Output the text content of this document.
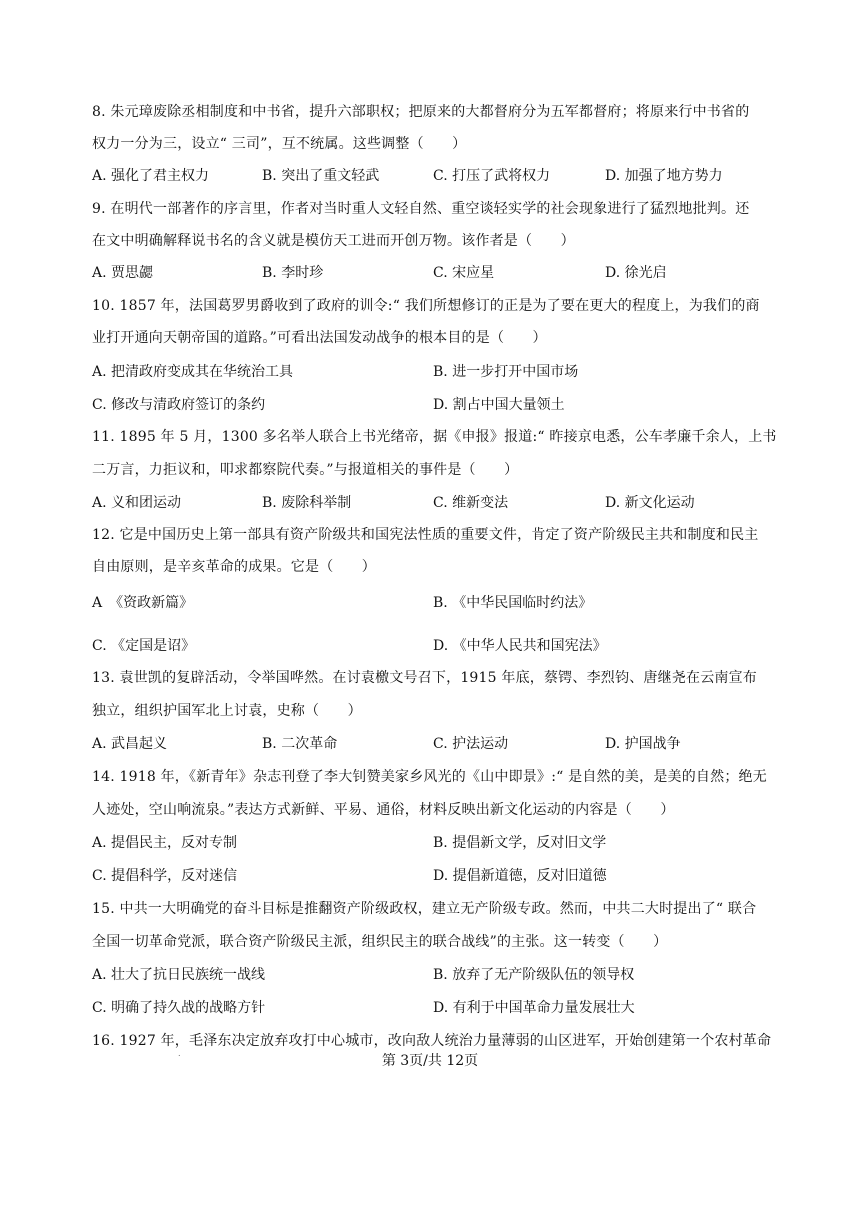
8. 朱元璋废除丞相制度和中书省，提升六部职权；把原来的大都督府分为五军都督府；将原来行中书省的
权力一分为三，设立“ 三司”，互不统属。这些调整（　　）
A. 强化了君主权力	B. 突出了重文轻武	C. 打压了武将权力	D. 加强了地方势力
9. 在明代一部著作的序言里，作者对当时重人文轻自然、重空谈轻实学的社会现象进行了猛烈地批判。还
在文中明确解释说书名的含义就是模仿天工进而开创万物。该作者是（　　）
A. 贾思勰	B. 李时珍	C. 宋应星	D. 徐光启
10. 1857 年，法国葛罗男爵收到了政府的训令:“ 我们所想修订的正是为了要在更大的程度上，为我们的商
业打开通向天朝帝国的道路。”可看出法国发动战争的根本目的是（　　）
A. 把清政府变成其在华统治工具	B. 进一步打开中国市场
C. 修改与清政府签订的条约	D. 割占中国大量领土
11. 1895 年 5 月，1300 多名举人联合上书光绪帝，据《申报》报道:“ 昨接京电悉，公车孝廉千余人，上书
二万言，力拒议和，叩求都察院代奏。”与报道相关的事件是（　　）
A. 义和团运动	B. 废除科举制	C. 维新变法	D. 新文化运动
12. 它是中国历史上第一部具有资产阶级共和国宪法性质的重要文件，肯定了资产阶级民主共和制度和民主
自由原则，是辛亥革命的成果。它是（　　）
A　《资政新篇》	B. 《中华民国临时约法》
C. 《定国是诏》	D. 《中华人民共和国宪法》
13. 袁世凯的复辟活动，令举国哗然。在讨袁檄文号召下，1915 年底，蔡锷、李烈钧、唐继尧在云南宣布
独立，组织护国军北上讨袁，史称（　　）
A. 武昌起义	B. 二次革命	C. 护法运动	D. 护国战争
14. 1918 年，《新青年》杂志刊登了李大钊赞美家乡风光的《山中即景》:“ 是自然的美，是美的自然；绝无
人迹处，空山响流泉。”表达方式新鲜、平易、通俗，材料反映出新文化运动的内容是（　　）
A. 提倡民主，反对专制	B. 提倡新文学，反对旧文学
C. 提倡科学，反对迷信	D. 提倡新道德，反对旧道德
15. 中共一大明确党的奋斗目标是推翻资产阶级政权，建立无产阶级专政。然而，中共二大时提出了“ 联合
全国一切革命党派，联合资产阶级民主派，组织民主的联合战线”的主张。这一转变（　　）
A. 壮大了抗日民族统一战线	B. 放弃了无产阶级队伍的领导权
C. 明确了持久战的战略方针	D. 有利于中国革命力量发展壮大
16. 1927 年，毛泽东决定放弃攻打中心城市，改向敌人统治力量薄弱的山区进军，开始创建第一个农村革命
.	第 3页/共 12页
